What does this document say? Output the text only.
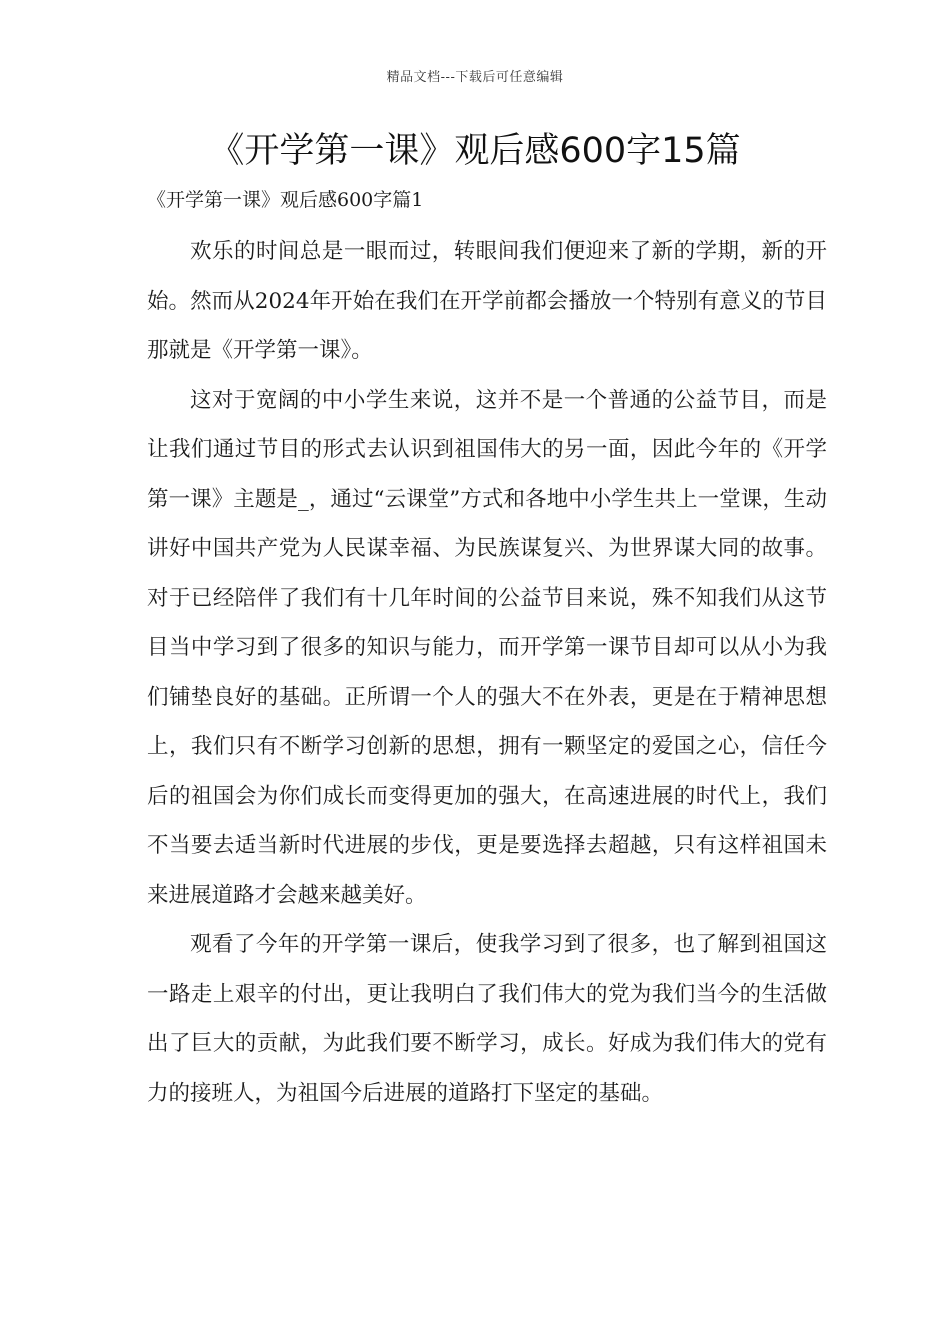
精品文档---下载后可任意编辑
《开学第一课》观后感600字15篇
《开学第一课》观后感600字篇1

欢乐的时间总是一眼而过，转眼间我们便迎来了新的学期，新的开始。然而从2024年开始在我们在开学前都会播放一个特别有意义的节目那就是《开学第一课》。

这对于宽阔的中小学生来说，这并不是一个普通的公益节目，而是让我们通过节目的形式去认识到祖国伟大的另一面，因此今年的《开学第一课》主题是_，通过“云课堂”方式和各地中小学生共上一堂课，生动讲好中国共产党为人民谋幸福、为民族谋复兴、为世界谋大同的故事。对于已经陪伴了我们有十几年时间的公益节目来说，殊不知我们从这节目当中学习到了很多的知识与能力，而开学第一课节目却可以从小为我们铺垫良好的基础。正所谓一个人的强大不在外表，更是在于精神思想上，我们只有不断学习创新的思想，拥有一颗坚定的爱国之心，信任今后的祖国会为你们成长而变得更加的强大，在高速进展的时代上，我们不当要去适当新时代进展的步伐，更是要选择去超越，只有这样祖国未来进展道路才会越来越美好。

观看了今年的开学第一课后，使我学习到了很多，也了解到祖国这一路走上艰辛的付出，更让我明白了我们伟大的党为我们当今的生活做出了巨大的贡献，为此我们要不断学习，成长。好成为我们伟大的党有力的接班人，为祖国今后进展的道路打下坚定的基础。
